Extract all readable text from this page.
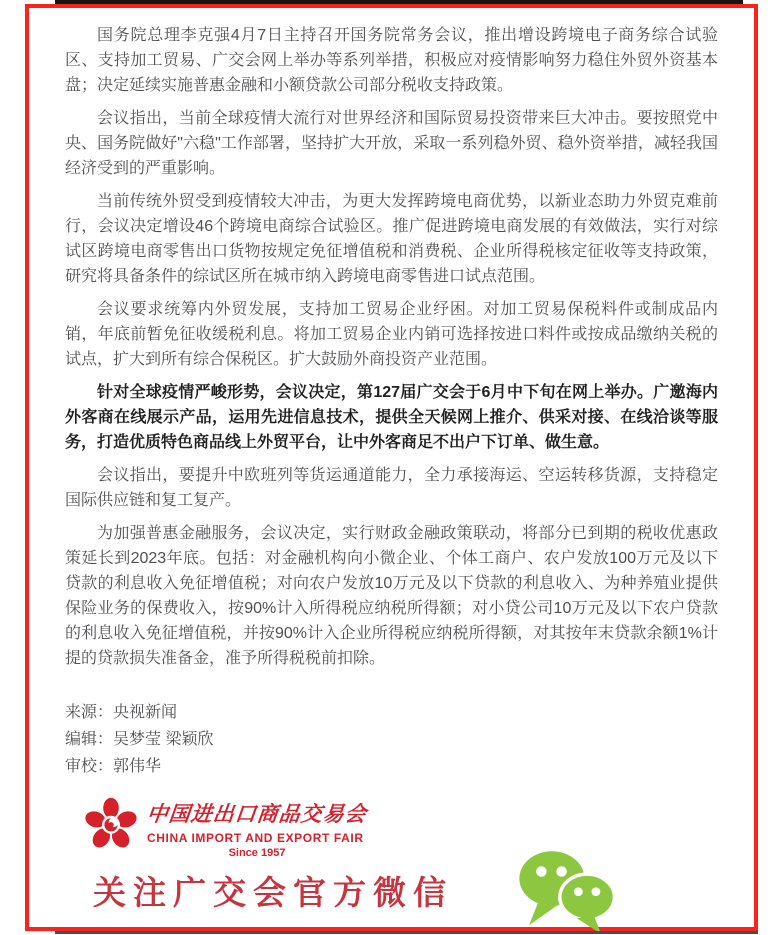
国务院总理李克强4月7日主持召开国务院常务会议，推出增设跨境电子商务综合试验区、支持加工贸易、广交会网上举办等系列举措，积极应对疫情影响努力稳住外贸外资基本盘；决定延续实施普惠金融和小额贷款公司部分税收支持政策。

会议指出，当前全球疫情大流行对世界经济和国际贸易投资带来巨大冲击。要按照党中央、国务院做好"六稳"工作部署，坚持扩大开放，采取一系列稳外贸、稳外资举措，减轻我国经济受到的严重影响。

当前传统外贸受到疫情较大冲击，为更大发挥跨境电商优势，以新业态助力外贸克难前行，会议决定增设46个跨境电商综合试验区。推广促进跨境电商发展的有效做法，实行对综试区跨境电商零售出口货物按规定免征增值税和消费税、企业所得税核定征收等支持政策，研究将具备条件的综试区所在城市纳入跨境电商零售进口试点范围。

会议要求统筹内外贸发展，支持加工贸易企业纾困。对加工贸易保税料件或制成品内销，年底前暂免征收缓税利息。将加工贸易企业内销可选择按进口料件或按成品缴纳关税的试点，扩大到所有综合保税区。扩大鼓励外商投资产业范围。

针对全球疫情严峻形势，会议决定，第127届广交会于6月中下旬在网上举办。广邀海内外客商在线展示产品，运用先进信息技术，提供全天候网上推介、供采对接、在线洽谈等服务，打造优质特色商品线上外贸平台，让中外客商足不出户下订单、做生意。

会议指出，要提升中欧班列等货运通道能力，全力承接海运、空运转移货源，支持稳定国际供应链和复工复产。

为加强普惠金融服务，会议决定，实行财政金融政策联动，将部分已到期的税收优惠政策延长到2023年底。包括：对金融机构向小微企业、个体工商户、农户发放100万元及以下贷款的利息收入免征增值税；对向农户发放10万元及以下贷款的利息收入、为种养殖业提供保险业务的保费收入，按90%计入所得税应纳税所得额；对小贷公司10万元及以下农户贷款的利息收入免征增值税，并按90%计入企业所得税应纳税所得额，对其按年末贷款余额1%计提的贷款损失准备金，准予所得税税前扣除。

来源：央视新闻

编辑：吴梦莹 梁颖欣

审校：郭伟华

中国进出口商品交易会
CHINA IMPORT AND EXPORT FAIR
Since 1957
关注广交会官方微信
